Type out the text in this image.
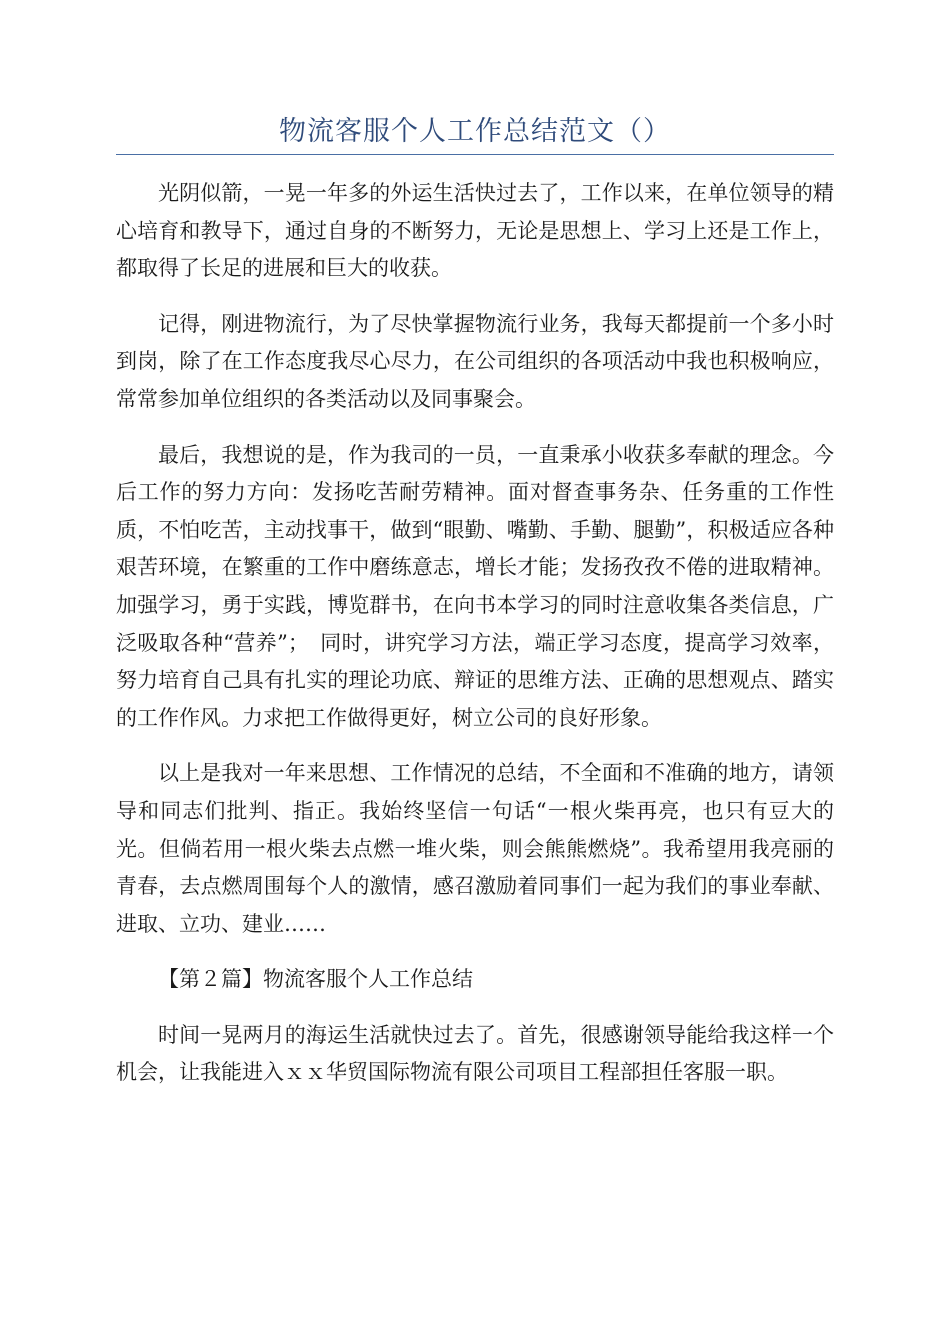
物流客服个人工作总结范文（）

光阴似箭，一晃一年多的外运生活快过去了，工作以来，在单位领导的精心培育和教导下，通过自身的不断努力，无论是思想上、学习上还是工作上，都取得了长足的进展和巨大的收获。

记得，刚进物流行，为了尽快掌握物流行业务，我每天都提前一个多小时到岗，除了在工作态度我尽心尽力，在公司组织的各项活动中我也积极响应，常常参加单位组织的各类活动以及同事聚会。

最后，我想说的是，作为我司的一员，一直秉承小收获多奉献的理念。今后工作的努力方向：发扬吃苦耐劳精神。面对督查事务杂、任务重的工作性质，不怕吃苦，主动找事干，做到“眼勤、嘴勤、手勤、腿勤”，积极适应各种艰苦环境，在繁重的工作中磨练意志，增长才能；发扬孜孜不倦的进取精神。加强学习，勇于实践，博览群书，在向书本学习的同时注意收集各类信息，广泛吸取各种“营养”；　同时，讲究学习方法，端正学习态度，提高学习效率，努力培育自己具有扎实的理论功底、辩证的思维方法、正确的思想观点、踏实的工作作风。力求把工作做得更好，树立公司的良好形象。

以上是我对一年来思想、工作情况的总结，不全面和不准确的地方，请领导和同志们批判、指正。我始终坚信一句话“一根火柴再亮，也只有豆大的光。但倘若用一根火柴去点燃一堆火柴，则会熊熊燃烧”。我希望用我亮丽的青春，去点燃周围每个人的激情，感召激励着同事们一起为我们的事业奉献、进取、立功、建业……

【第２篇】物流客服个人工作总结

时间一晃两月的海运生活就快过去了。首先，很感谢领导能给我这样一个机会，让我能进入ｘｘ华贸国际物流有限公司项目工程部担任客服一职。
